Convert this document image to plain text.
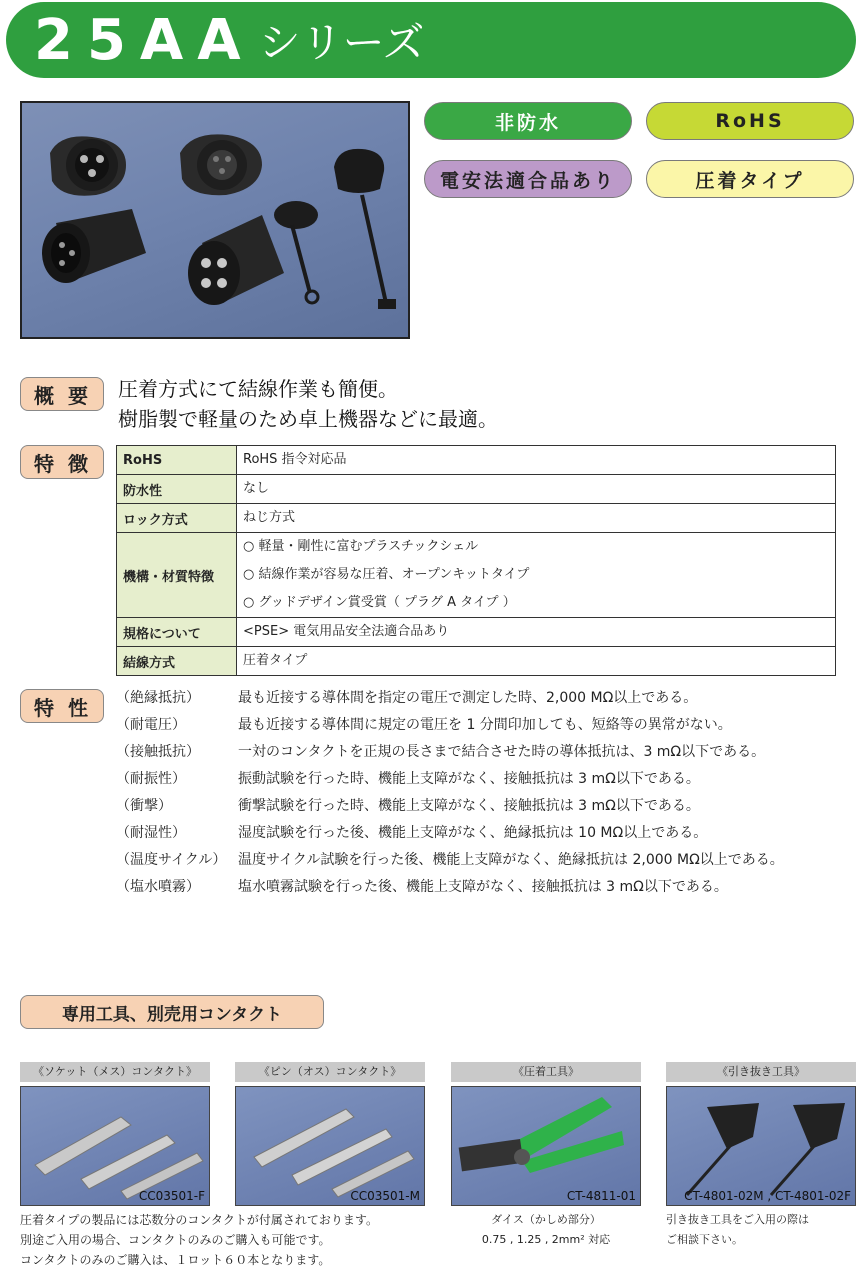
25AA シリーズ
非防水	RoHS
電安法適合品あり	圧着タイプ
概要 圧着方式にて結線作業も簡便。
樹脂製で軽量のため卓上機器などに最適。
特徴 RoHS	RoHS 指令対応品

防水性	なし

ロック方式	ねじ方式

機構・材質特徴	○ 軽量・剛性に富むプラスチックシェル
○ 結線作業が容易な圧着、オープンキットタイプ
○ グッドデザイン賞受賞（ プラグ A タイプ ）

規格について	<PSE> 電気用品安全法適合品あり

結線方式	圧着タイプ
特性 （絶縁抵抗）	最も近接する導体間を指定の電圧で測定した時、2,000 MΩ以上である。
（耐電圧）	最も近接する導体間に規定の電圧を 1 分間印加しても、短絡等の異常がない。
（接触抵抗）	一対のコンタクトを正規の長さまで結合させた時の導体抵抗は、3 mΩ以下である。
（耐振性）	振動試験を行った時、機能上支障がなく、接触抵抗は 3 mΩ以下である。
（衝撃）	衝撃試験を行った時、機能上支障がなく、接触抵抗は 3 mΩ以下である。
（耐湿性）	湿度試験を行った後、機能上支障がなく、絶縁抵抗は 10 MΩ以上である。
（温度サイクル） 温度サイクル試験を行った後、機能上支障がなく、絶縁抵抗は 2,000 MΩ以上である。
（塩水噴霧）	塩水噴霧試験を行った後、機能上支障がなく、接触抵抗は 3 mΩ以下である。
専用工具、別売用コンタクト
《ソケット（メス）コンタクト》	《ピン（オス）コンタクト》	《圧着工具》	《引き抜き工具》
CC03501-F	CC03501-M	CT-4811-01	CT-4801-02M , CT-4801-02F
圧着タイプの製品には芯数分のコンタクトが付属されております。
別途ご入用の場合、コンタクトのみのご購入も可能です。
コンタクトのみのご購入は、１ロット６０本となります。
ダイス（かしめ部分）
0.75 , 1.25 , 2mm² 対応
引き抜き工具をご入用の際は
ご相談下さい。
